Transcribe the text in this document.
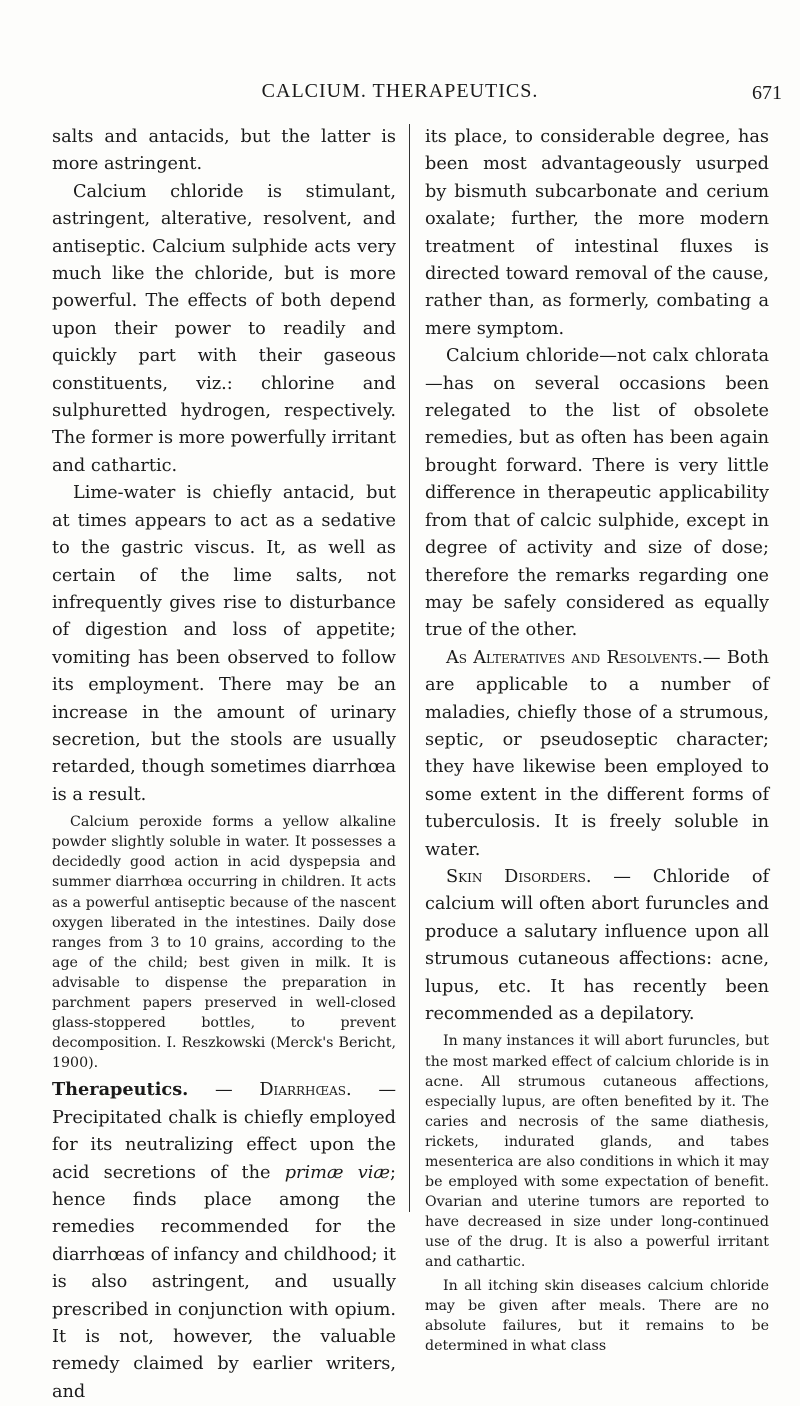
CALCIUM. THERAPEUTICS.	671

salts and antacids, but the latter is more astringent.

Calcium chloride is stimulant, astringent, alterative, resolvent, and antiseptic. Calcium sulphide acts very much like the chloride, but is more powerful. The effects of both depend upon their power to readily and quickly part with their gaseous constituents, viz.: chlorine and sulphuretted hydrogen, respectively. The former is more powerfully irritant and cathartic.

Lime-water is chiefly antacid, but at times appears to act as a sedative to the gastric viscus. It, as well as certain of the lime salts, not infrequently gives rise to disturbance of digestion and loss of appetite; vomiting has been observed to follow its employment. There may be an increase in the amount of urinary secretion, but the stools are usually retarded, though sometimes diarrhœa is a result.

Calcium peroxide forms a yellow alkaline powder slightly soluble in water. It possesses a decidedly good action in acid dyspepsia and summer diarrhœa occurring in children. It acts as a powerful antiseptic because of the nascent oxygen liberated in the intestines. Daily dose ranges from 3 to 10 grains, according to the age of the child; best given in milk. It is advisable to dispense the preparation in parchment papers preserved in well-closed glass-stoppered bottles, to prevent decomposition. I. Reszkowski (Merck's Bericht, 1900).

Therapeutics. — Diarrhœas. — Precipitated chalk is chiefly employed for its neutralizing effect upon the acid secretions of the primæ viæ; hence finds place among the remedies recommended for the diarrhœas of infancy and childhood; it is also astringent, and usually prescribed in conjunction with opium. It is not, however, the valuable remedy claimed by earlier writers, and

its place, to considerable degree, has been most advantageously usurped by bismuth subcarbonate and cerium oxalate; further, the more modern treatment of intestinal fluxes is directed toward removal of the cause, rather than, as formerly, combating a mere symptom.

Calcium chloride—not calx chlorata—has on several occasions been relegated to the list of obsolete remedies, but as often has been again brought forward. There is very little difference in therapeutic applicability from that of calcic sulphide, except in degree of activity and size of dose; therefore the remarks regarding one may be safely considered as equally true of the other.

As Alteratives and Resolvents.— Both are applicable to a number of maladies, chiefly those of a strumous, septic, or pseudoseptic character; they have likewise been employed to some extent in the different forms of tuberculosis. It is freely soluble in water.

Skin Disorders. — Chloride of calcium will often abort furuncles and produce a salutary influence upon all strumous cutaneous affections: acne, lupus, etc. It has recently been recommended as a depilatory.

In many instances it will abort furuncles, but the most marked effect of calcium chloride is in acne. All strumous cutaneous affections, especially lupus, are often benefited by it. The caries and necrosis of the same diathesis, rickets, indurated glands, and tabes mesenterica are also conditions in which it may be employed with some expectation of benefit. Ovarian and uterine tumors are reported to have decreased in size under long-continued use of the drug. It is also a powerful irritant and cathartic.

In all itching skin diseases calcium chloride may be given after meals. There are no absolute failures, but it remains to be determined in what class
